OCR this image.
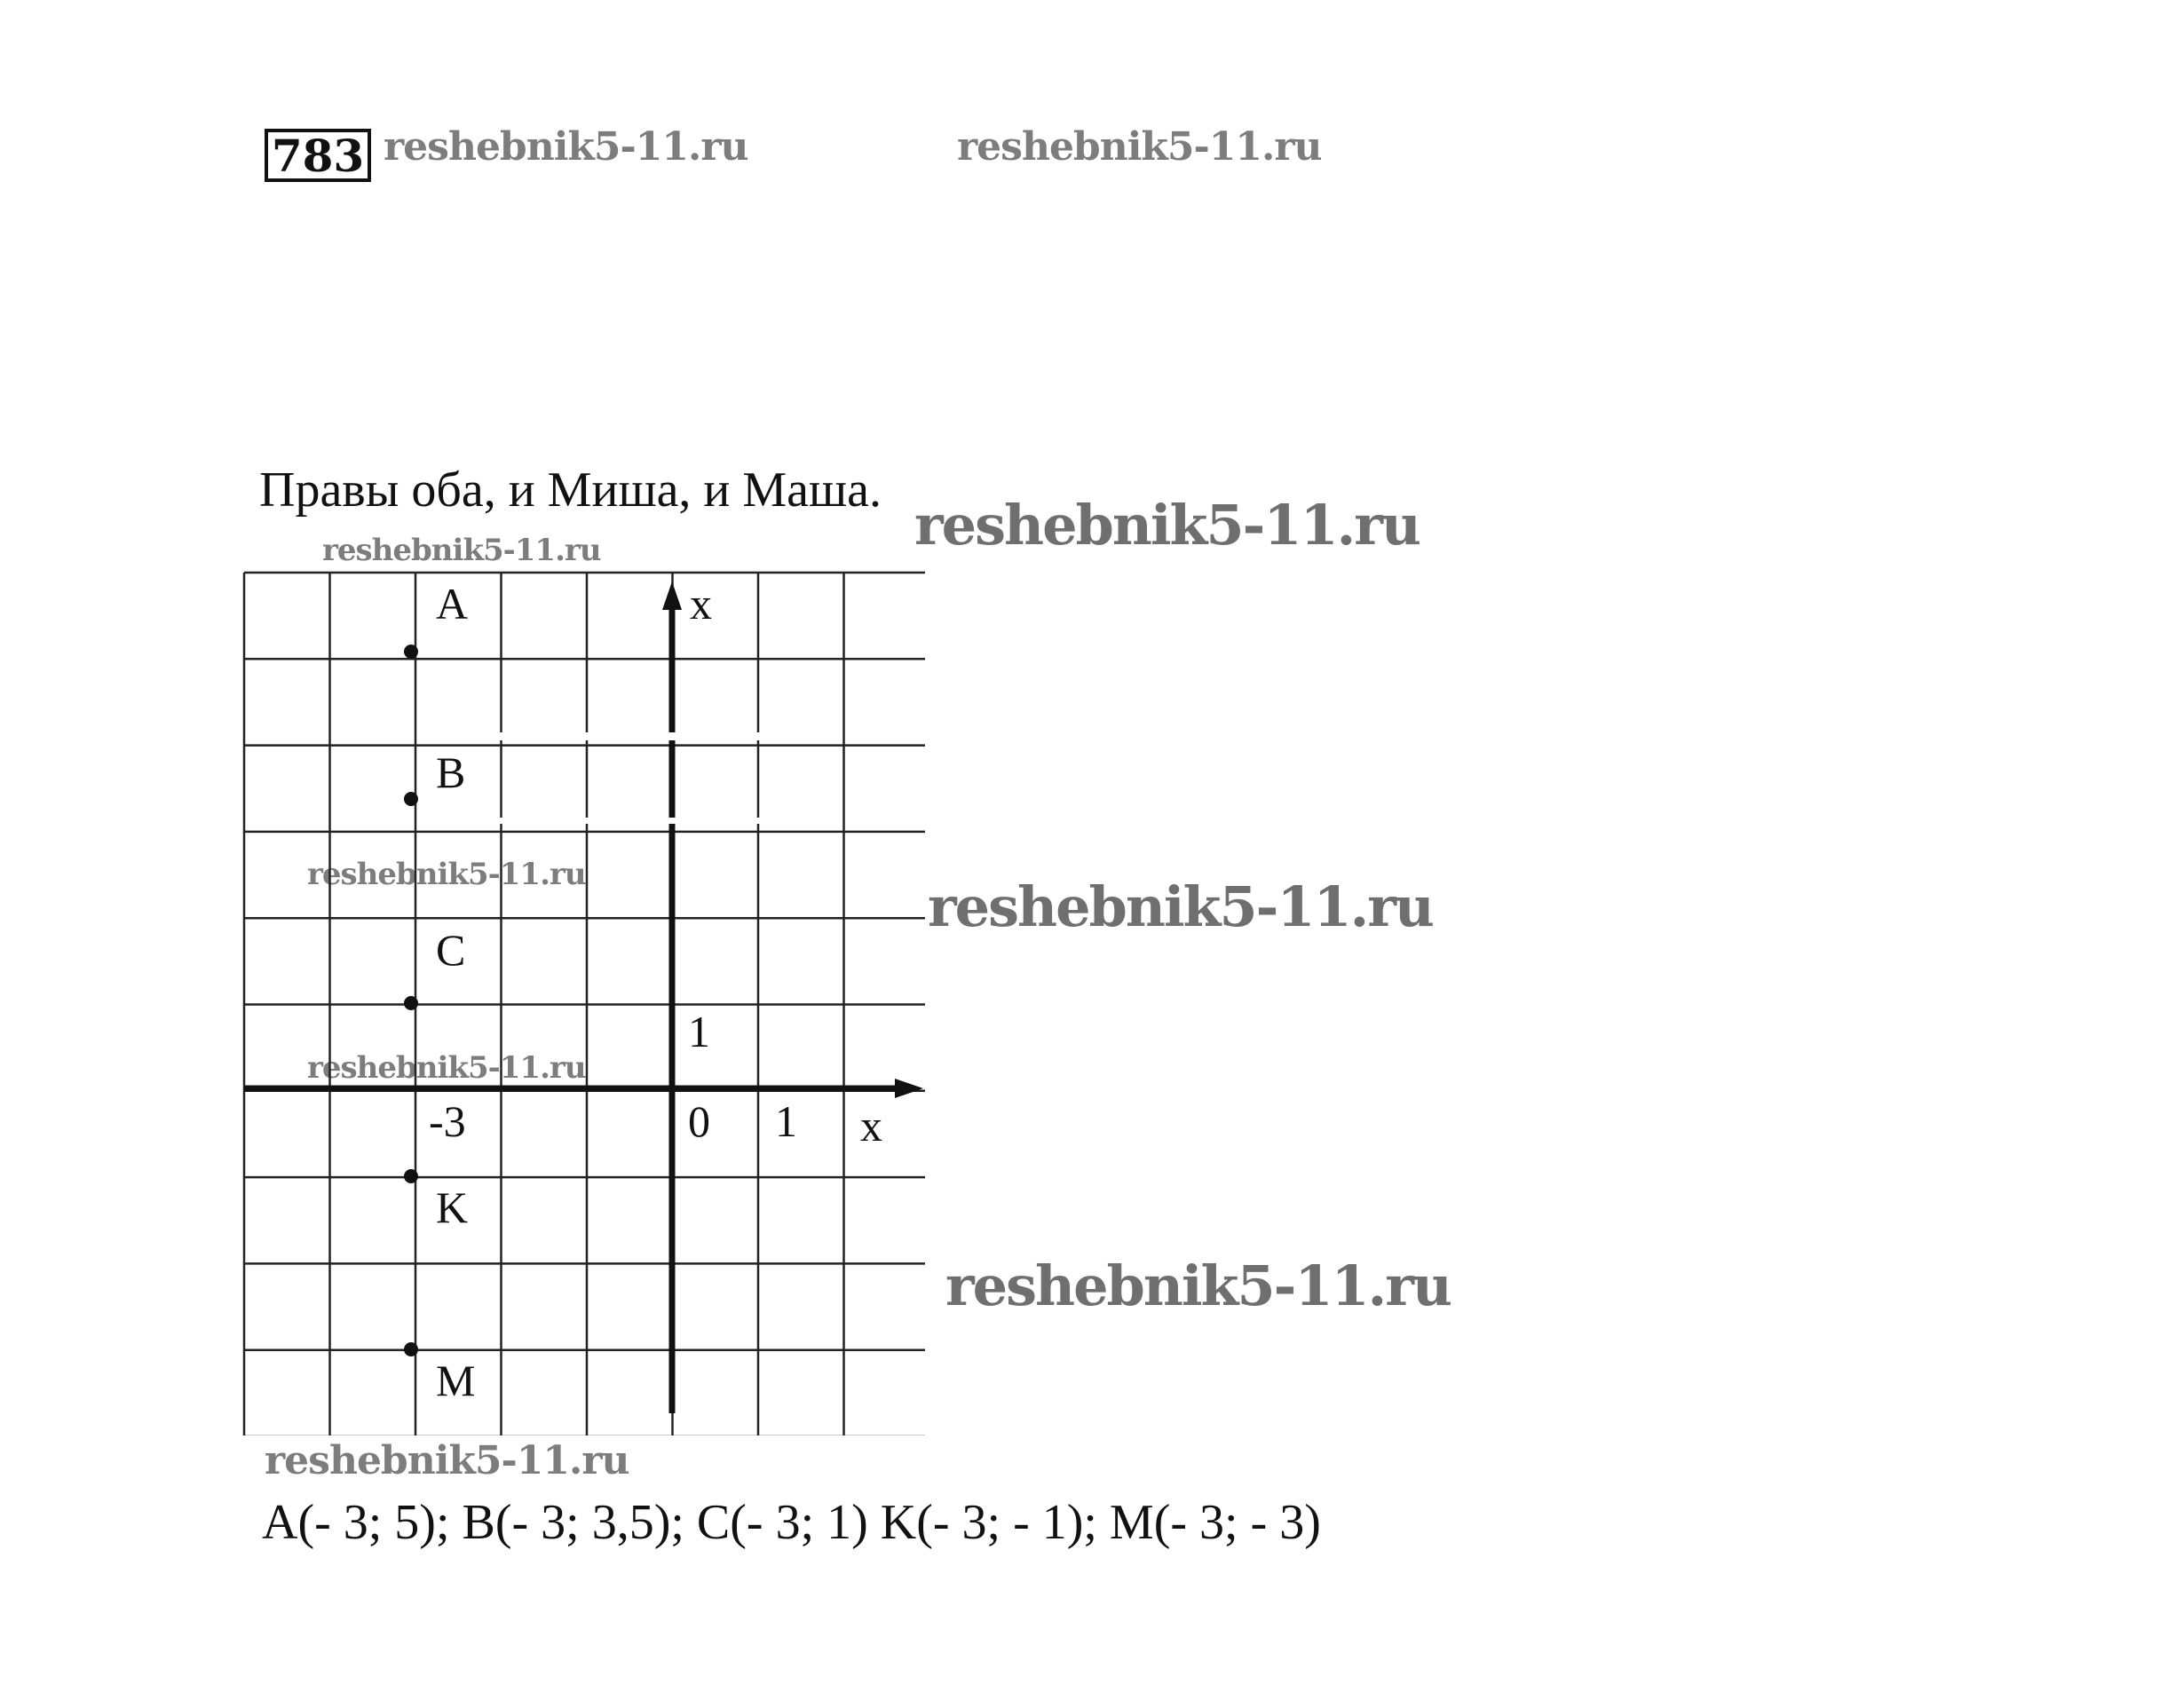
783 reshebnik5-11.ru	reshebnik5-11.ru
reshebnik5-11.ru
reshebnik5-11.ru
reshebnik5-11.ru	reshebnik5-11.ru
reshebnik5-11.ru
reshebnik5-11.ru
reshebnik5-11.ru
Правы оба, и Миша, и Маша.
A
B
C
K
M
x
x
0 1
1
-3
A(- 3; 5); B(- 3; 3,5); C(- 3; 1) K(- 3; - 1); M(- 3; - 3)
